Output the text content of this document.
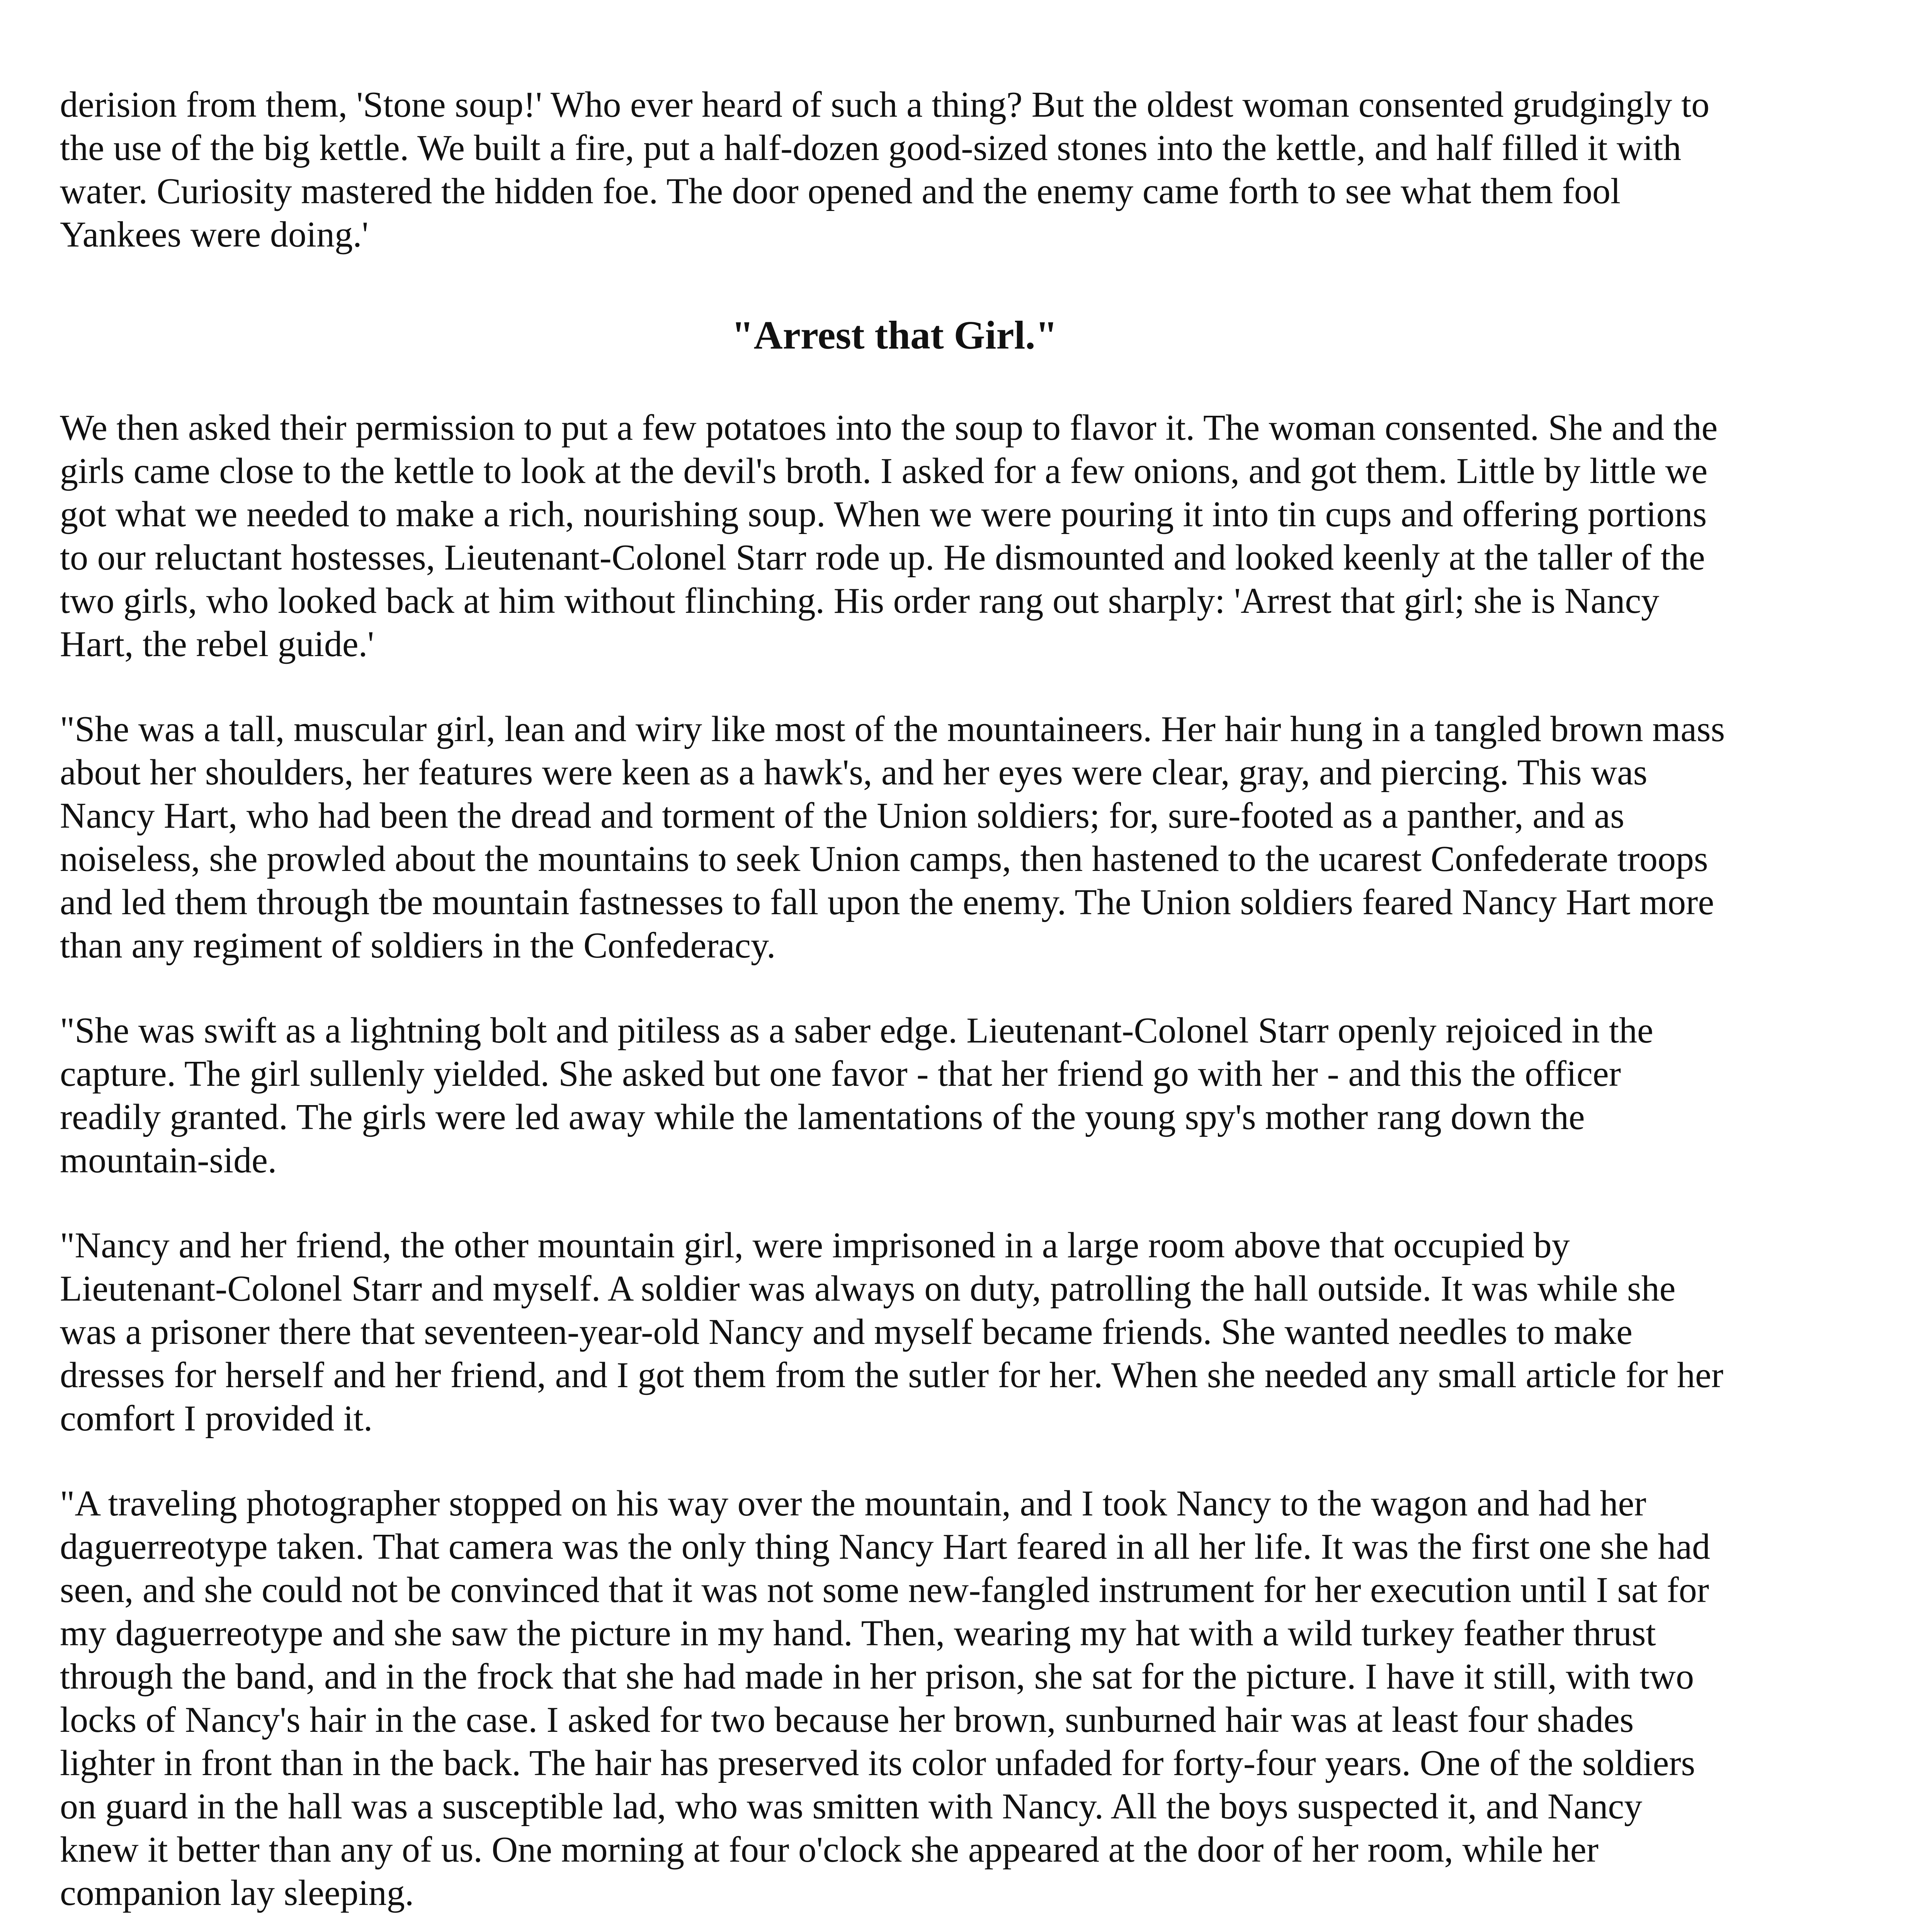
derision from them, 'Stone soup!' Who ever heard of such a thing? But the oldest woman consented grudgingly to the use of the big kettle. We built a fire, put a half-dozen good-sized stones into the kettle, and half filled it with water. Curiosity mastered the hidden foe. The door opened and the enemy came forth to see what them fool Yankees were doing.'

"Arrest that Girl."

We then asked their permission to put a few potatoes into the soup to flavor it. The woman consented. She and the girls came close to the kettle to look at the devil's broth. I asked for a few onions, and got them. Little by little we got what we needed to make a rich, nourishing soup. When we were pouring it into tin cups and offering portions to our reluctant hostesses, Lieutenant-Colonel Starr rode up. He dismounted and looked keenly at the taller of the two girls, who looked back at him without flinching. His order rang out sharply: 'Arrest that girl; she is Nancy Hart, the rebel guide.'

"She was a tall, muscular girl, lean and wiry like most of the mountaineers. Her hair hung in a tangled brown mass about her shoulders, her features were keen as a hawk's, and her eyes were clear, gray, and piercing. This was Nancy Hart, who had been the dread and torment of the Union soldiers; for, sure-footed as a panther, and as noiseless, she prowled about the mountains to seek Union camps, then hastened to the ucarest Confederate troops and led them through tbe mountain fastnesses to fall upon the enemy. The Union soldiers feared Nancy Hart more than any regiment of soldiers in the Confederacy.

"She was swift as a lightning bolt and pitiless as a saber edge. Lieutenant-Colonel Starr openly rejoiced in the capture. The girl sullenly yielded. She asked but one favor - that her friend go with her - and this the officer readily granted. The girls were led away while the lamentations of the young spy's mother rang down the mountain-side.

"Nancy and her friend, the other mountain girl, were imprisoned in a large room above that occupied by Lieutenant-Colonel Starr and myself. A soldier was always on duty, patrolling the hall outside. It was while she was a prisoner there that seventeen-year-old Nancy and myself became friends. She wanted needles to make dresses for herself and her friend, and I got them from the sutler for her. When she needed any small article for her comfort I provided it.

"A traveling photographer stopped on his way over the mountain, and I took Nancy to the wagon and had her daguerreotype taken. That camera was the only thing Nancy Hart feared in all her life. It was the first one she had seen, and she could not be convinced that it was not some new-fangled instrument for her execution until I sat for my daguerreotype and she saw the picture in my hand. Then, wearing my hat with a wild turkey feather thrust through the band, and in the frock that she had made in her prison, she sat for the picture. I have it still, with two locks of Nancy's hair in the case. I asked for two because her brown, sunburned hair was at least four shades lighter in front than in the back. The hair has preserved its color unfaded for forty-four years. One of the soldiers on guard in the hall was a susceptible lad, who was smitten with Nancy. All the boys suspected it, and Nancy knew it better than any of us. One morning at four o'clock she appeared at the door of her room, while her companion lay sleeping.
